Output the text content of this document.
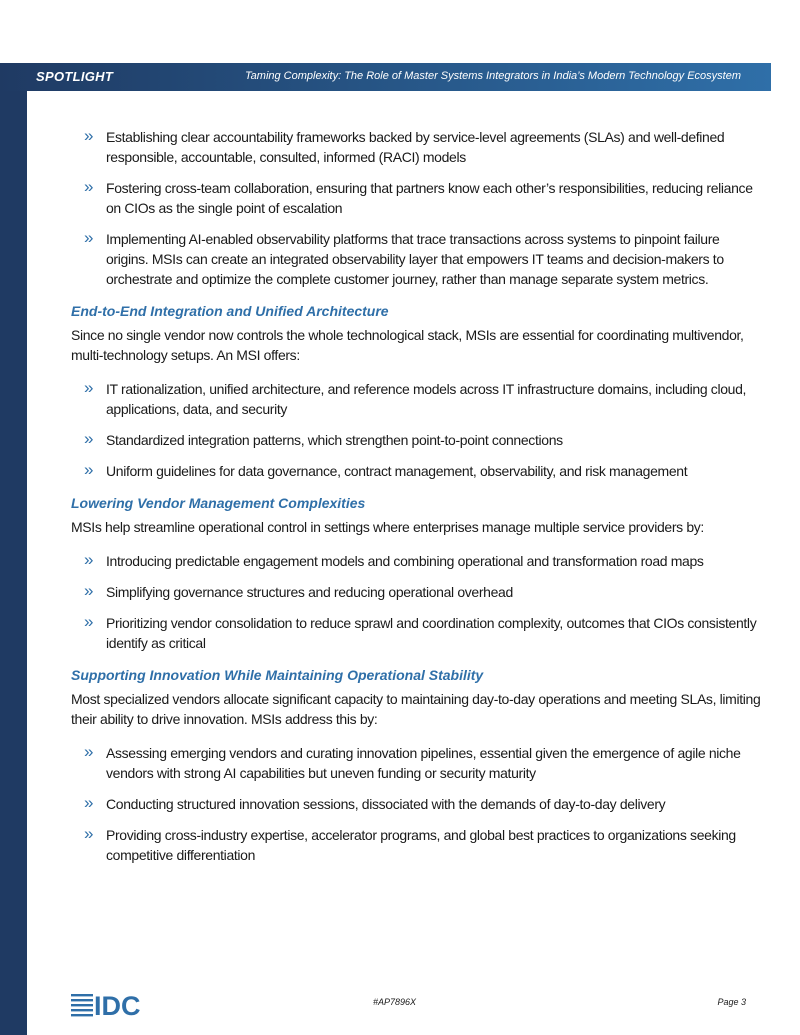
SPOTLIGHT	Taming Complexity: The Role of Master Systems Integrators in India’s Modern Technology Ecosystem
» Establishing clear accountability frameworks backed by service-level agreements (SLAs) and well-defined responsible, accountable, consulted, informed (RACI) models
» Fostering cross-team collaboration, ensuring that partners know each other’s responsibilities, reducing reliance on CIOs as the single point of escalation
» Implementing AI-enabled observability platforms that trace transactions across systems to pinpoint failure origins. MSIs can create an integrated observability layer that empowers IT teams and decision-makers to orchestrate and optimize the complete customer journey, rather than manage separate system metrics.
End-to-End Integration and Unified Architecture

Since no single vendor now controls the whole technological stack, MSIs are essential for coordinating multivendor, multi-technology setups. An MSI offers:

» IT rationalization, unified architecture, and reference models across IT infrastructure domains, including cloud, applications, data, and security
» Standardized integration patterns, which strengthen point-to-point connections
» Uniform guidelines for data governance, contract management, observability, and risk management
Lowering Vendor Management Complexities

MSIs help streamline operational control in settings where enterprises manage multiple service providers by:

» Introducing predictable engagement models and combining operational and transformation road maps
» Simplifying governance structures and reducing operational overhead
» Prioritizing vendor consolidation to reduce sprawl and coordination complexity, outcomes that CIOs consistently identify as critical
Supporting Innovation While Maintaining Operational Stability

Most specialized vendors allocate significant capacity to maintaining day-to-day operations and meeting SLAs, limiting their ability to drive innovation. MSIs address this by:

» Assessing emerging vendors and curating innovation pipelines, essential given the emergence of agile niche vendors with strong AI capabilities but uneven funding or security maturity
» Conducting structured innovation sessions, dissociated with the demands of day-to-day delivery
» Providing cross-industry expertise, accelerator programs, and global best practices to organizations seeking competitive differentiation
IDC	#AP7896X	Page 3
